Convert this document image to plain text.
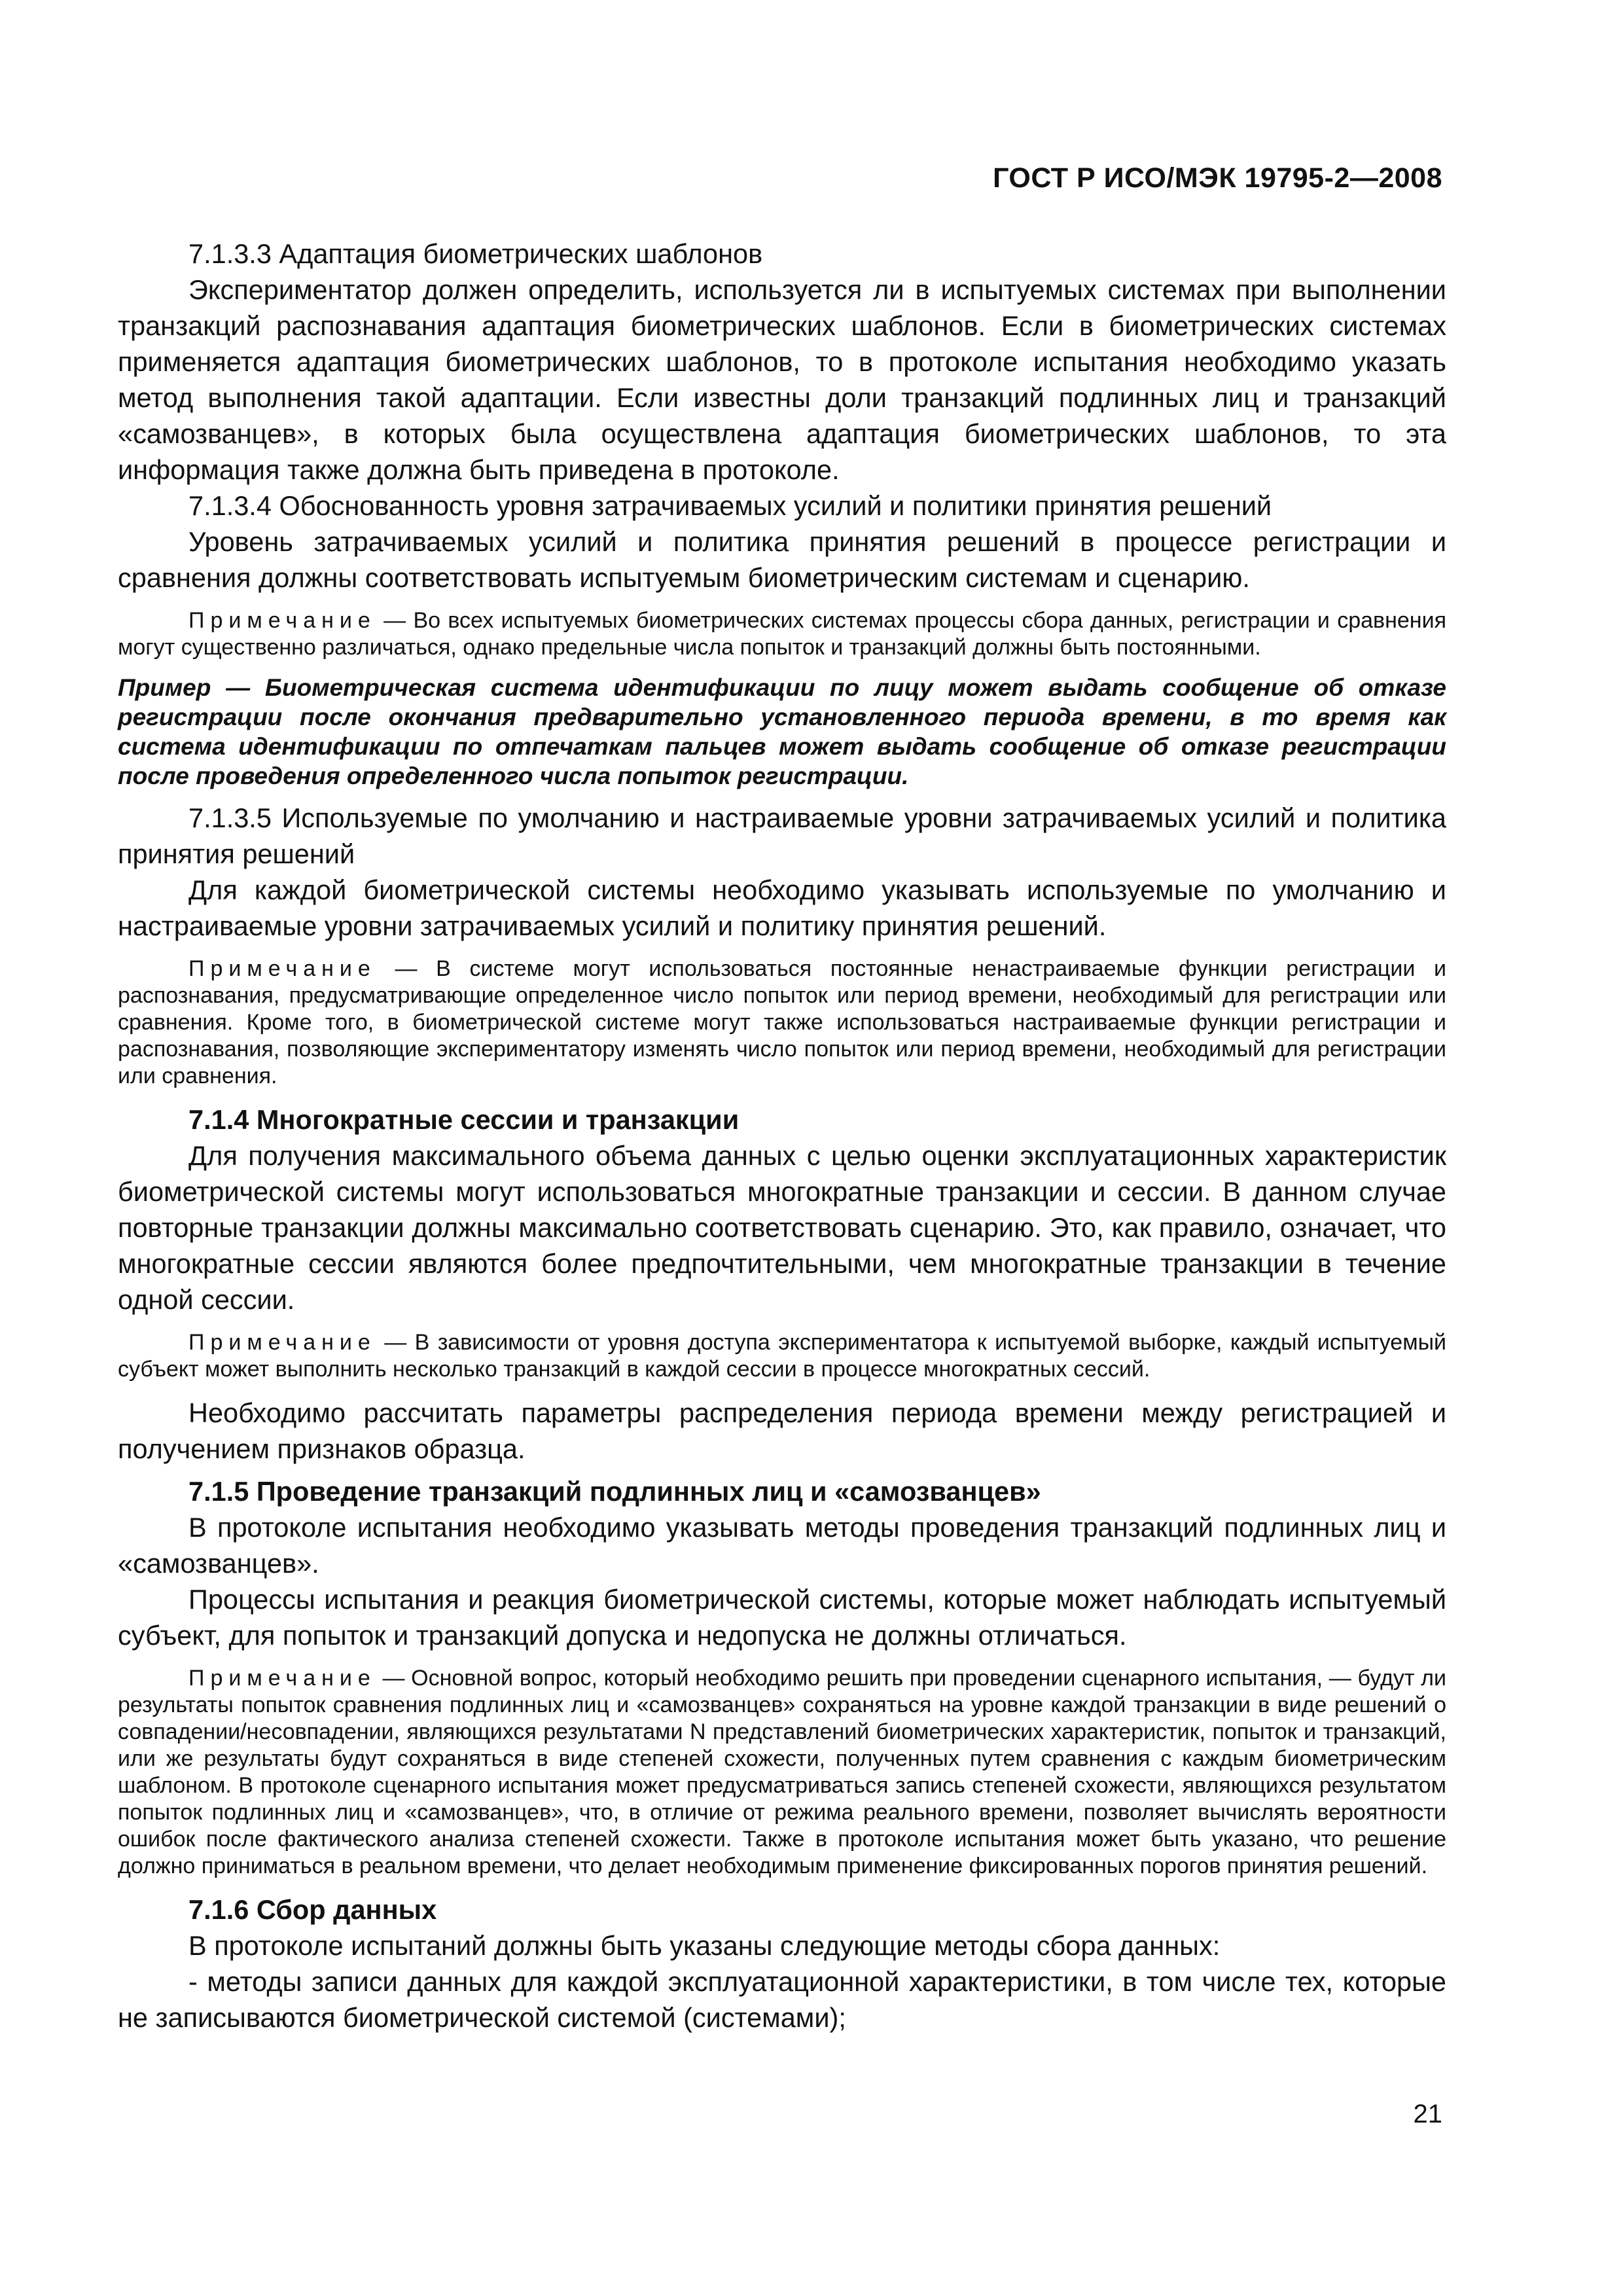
ГОСТ Р ИСО/МЭК 19795-2—2008

7.1.3.3 Адаптация биометрических шаблонов

Экспериментатор должен определить, используется ли в испытуемых системах при выполнении транзакций распознавания адаптация биометрических шаблонов. Если в биометрических системах применяется адаптация биометрических шаблонов, то в протоколе испытания необходимо указать метод выполнения такой адаптации. Если известны доли транзакций подлинных лиц и транзакций «самозванцев», в которых была осуществлена адаптация биометрических шаблонов, то эта информация также должна быть приведена в протоколе.

7.1.3.4 Обоснованность уровня затрачиваемых усилий и политики принятия решений

Уровень затрачиваемых усилий и политика принятия решений в процессе регистрации и сравнения должны соответствовать испытуемым биометрическим системам и сценарию.

Примечание — Во всех испытуемых биометрических системах процессы сбора данных, регистрации и сравнения могут существенно различаться, однако предельные числа попыток и транзакций должны быть постоянными.

Пример — Биометрическая система идентификации по лицу может выдать сообщение об отказе регистрации после окончания предварительно установленного периода времени, в то время как система идентификации по отпечаткам пальцев может выдать сообщение об отказе регистрации после проведения определенного числа попыток регистрации.

7.1.3.5 Используемые по умолчанию и настраиваемые уровни затрачиваемых усилий и политика принятия решений

Для каждой биометрической системы необходимо указывать используемые по умолчанию и настраиваемые уровни затрачиваемых усилий и политику принятия решений.

Примечание — В системе могут использоваться постоянные ненастраиваемые функции регистрации и распознавания, предусматривающие определенное число попыток или период времени, необходимый для регистрации или сравнения. Кроме того, в биометрической системе могут также использоваться настраиваемые функции регистрации и распознавания, позволяющие экспериментатору изменять число попыток или период времени, необходимый для регистрации или сравнения.

7.1.4 Многократные сессии и транзакции

Для получения максимального объема данных с целью оценки эксплуатационных характеристик биометрической системы могут использоваться многократные транзакции и сессии. В данном случае повторные транзакции должны максимально соответствовать сценарию. Это, как правило, означает, что многократные сессии являются более предпочтительными, чем многократные транзакции в течение одной сессии.

Примечание — В зависимости от уровня доступа экспериментатора к испытуемой выборке, каждый испытуемый субъект может выполнить несколько транзакций в каждой сессии в процессе многократных сессий.

Необходимо рассчитать параметры распределения периода времени между регистрацией и получением признаков образца.

7.1.5 Проведение транзакций подлинных лиц и «самозванцев»

В протоколе испытания необходимо указывать методы проведения транзакций подлинных лиц и «самозванцев».

Процессы испытания и реакция биометрической системы, которые может наблюдать испытуемый субъект, для попыток и транзакций допуска и недопуска не должны отличаться.

Примечание — Основной вопрос, который необходимо решить при проведении сценарного испытания, — будут ли результаты попыток сравнения подлинных лиц и «самозванцев» сохраняться на уровне каждой транзакции в виде решений о совпадении/несовпадении, являющихся результатами N представлений биометрических характеристик, попыток и транзакций, или же результаты будут сохраняться в виде степеней схожести, полученных путем сравнения с каждым биометрическим шаблоном. В протоколе сценарного испытания может предусматриваться запись степеней схожести, являющихся результатом попыток подлинных лиц и «самозванцев», что, в отличие от режима реального времени, позволяет вычислять вероятности ошибок после фактического анализа степеней схожести. Также в протоколе испытания может быть указано, что решение должно приниматься в реальном времени, что делает необходимым применение фиксированных порогов принятия решений.

7.1.6 Сбор данных

В протоколе испытаний должны быть указаны следующие методы сбора данных:

- методы записи данных для каждой эксплуатационной характеристики, в том числе тех, которые не записываются биометрической системой (системами);

21
